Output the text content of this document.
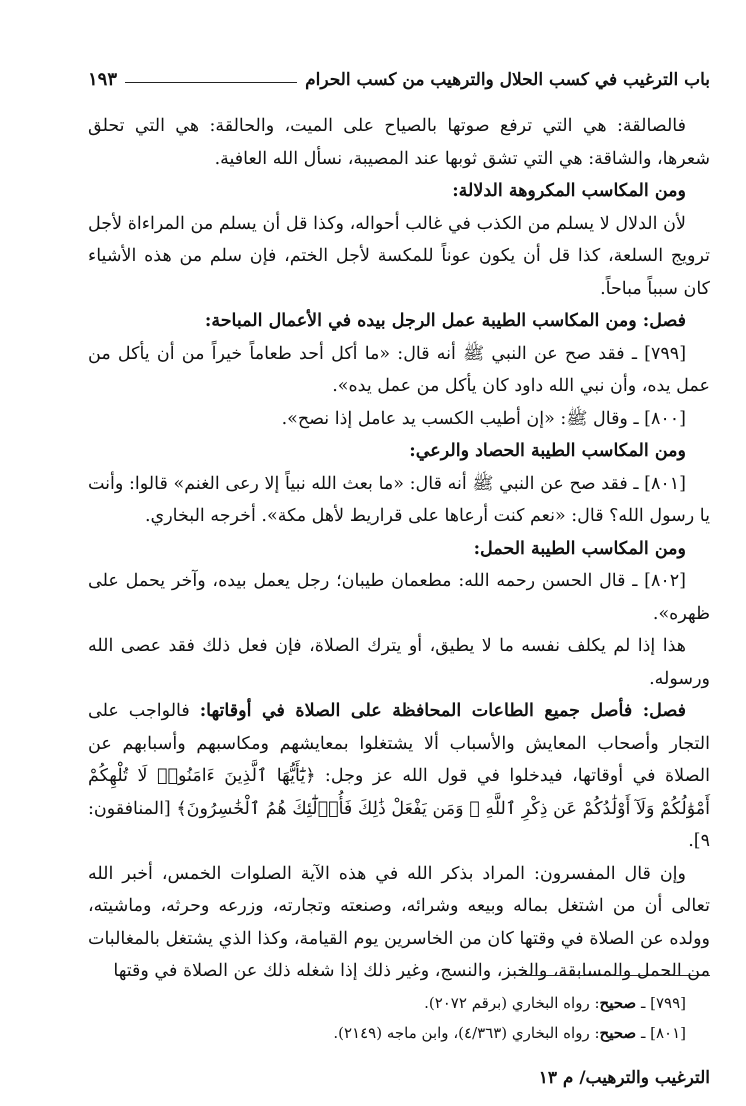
باب الترغيب في كسب الحلال والترهيب من كسب الحرام
١٩٣

فالصالقة: هي التي ترفع صوتها بالصياح على الميت، والحالقة: هي التي تحلق شعرها، والشاقة: هي التي تشق ثوبها عند المصيبة، نسأل الله العافية.

ومن المكاسب المكروهة الدلالة:

لأن الدلال لا يسلم من الكذب في غالب أحواله، وكذا قل أن يسلم من المراءاة لأجل ترويج السلعة، كذا قل أن يكون عوناً للمكسة لأجل الختم، فإن سلم من هذه الأشياء كان سبباً مباحاً.

فصل: ومن المكاسب الطيبة عمل الرجل بيده في الأعمال المباحة:

[٧٩٩] ـ فقد صح عن النبي ﷺ أنه قال: «ما أكل أحد طعاماً خيراً من أن يأكل من عمل يده، وأن نبي الله داود كان يأكل من عمل يده».

[٨٠٠] ـ وقال ﷺ: «إن أطيب الكسب يد عامل إذا نصح».

ومن المكاسب الطيبة الحصاد والرعي:

[٨٠١] ـ فقد صح عن النبي ﷺ أنه قال: «ما بعث الله نبياً إلا رعى الغنم» قالوا: وأنت يا رسول الله؟ قال: «نعم كنت أرعاها على قراريط لأهل مكة». أخرجه البخاري.

ومن المكاسب الطيبة الحمل:

[٨٠٢] ـ قال الحسن رحمه الله: مطعمان طيبان؛ رجل يعمل بيده، وآخر يحمل على ظهره».

هذا إذا لم يكلف نفسه ما لا يطيق، أو يترك الصلاة، فإن فعل ذلك فقد عصى الله ورسوله.

فصل: فأصل جميع الطاعات المحافظة على الصلاة في أوقاتها: فالواجب على التجار وأصحاب المعايش والأسباب ألا يشتغلوا بمعايشهم ومكاسبهم وأسبابهم عن الصلاة في أوقاتها، فيدخلوا في قول الله عز وجل: ﴿يَٰٓأَيُّهَا ٱلَّذِينَ ءَامَنُوا۟ لَا تُلْهِكُمْ أَمْوَٰلُكُمْ وَلَآ أَوْلَٰدُكُمْ عَن ذِكْرِ ٱللَّهِ ۚ وَمَن يَفْعَلْ ذَٰلِكَ فَأُو۟لَٰٓئِكَ هُمُ ٱلْخَٰسِرُونَ﴾ [المنافقون: ٩].

وإن قال المفسرون: المراد بذكر الله في هذه الآية الصلوات الخمس، أخبر الله تعالى أن من اشتغل بماله وبيعه وشرائه، وصنعته وتجارته، وزرعه وحرثه، وماشيته، وولده عن الصلاة في وقتها كان من الخاسرين يوم القيامة، وكذا الذي يشتغل بالمغالبات من الحمل والمسابقة، والخبز، والنسج، وغير ذلك إذا شغله ذلك عن الصلاة في وقتها

[٧٩٩] ـ صحيح: رواه البخاري (برقم ٢٠٧٢).

[٨٠١] ـ صحيح: رواه البخاري (٤/٣٦٣)، وابن ماجه (٢١٤٩).

الترغيب والترهيب/ م ١٣
